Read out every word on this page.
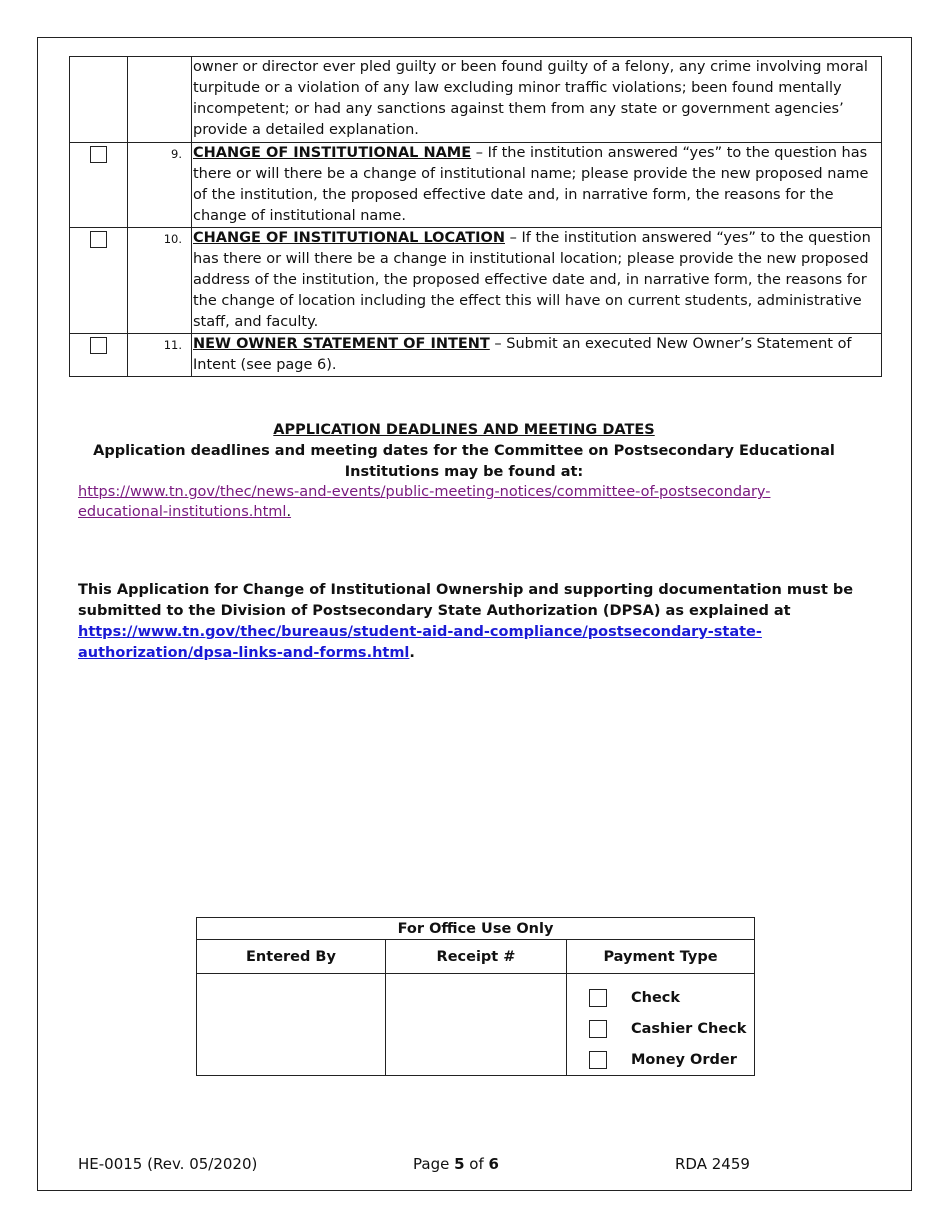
		owner or director ever pled guilty or been found guilty of a felony, any crime involving moral turpitude or a violation of any law excluding minor traffic violations; been found mentally incompetent; or had any sanctions against them from any state or government agencies’ provide a detailed explanation.

	9.	CHANGE OF INSTITUTIONAL NAME – If the institution answered “yes” to the question has there or will there be a change of institutional name; please provide the new proposed name of the institution, the proposed effective date and, in narrative form, the reasons for the change of institutional name.

	10.	CHANGE OF INSTITUTIONAL LOCATION – If the institution answered “yes” to the question has there or will there be a change in institutional location; please provide the new proposed address of the institution, the proposed effective date and, in narrative form, the reasons for the change of location including the effect this will have on current students, administrative staff, and faculty.

	11.	NEW OWNER STATEMENT OF INTENT – Submit an executed New Owner’s Statement of Intent (see page 6).
APPLICATION DEADLINES AND MEETING DATES
Application deadlines and meeting dates for the Committee on Postsecondary Educational Institutions may be found at:
https://www.tn.gov/thec/news-and-events/public-meeting-notices/committee-of-postsecondary-educational-institutions.html.
This Application for Change of Institutional Ownership and supporting documentation must be submitted to the Division of Postsecondary State Authorization (DPSA) as explained at https://www.tn.gov/thec/bureaus/student-aid-and-compliance/postsecondary-state-authorization/dpsa-links-and-forms.html.
For Office Use Only		
Entered By	Receipt #	Payment Type

		Check
Cashier Check
Money Order
HE-0015 (Rev. 05/2020)	Page 5 of 6	RDA 2459
